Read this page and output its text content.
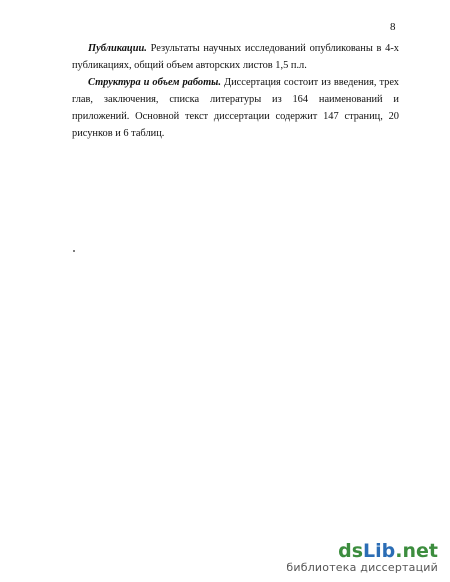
8

Публикации. Результаты научных исследований опубликованы в 4-х публикациях, общий объем авторских листов 1,5 п.л.

Структура и объем работы. Диссертация состоит из введения, трех глав, заключения, списка литературы из 164 наименований и приложений. Основной текст диссертации содержит 147 страниц, 20 рисунков и 6 таблиц.

dsLib.net
библиотека диссертаций
